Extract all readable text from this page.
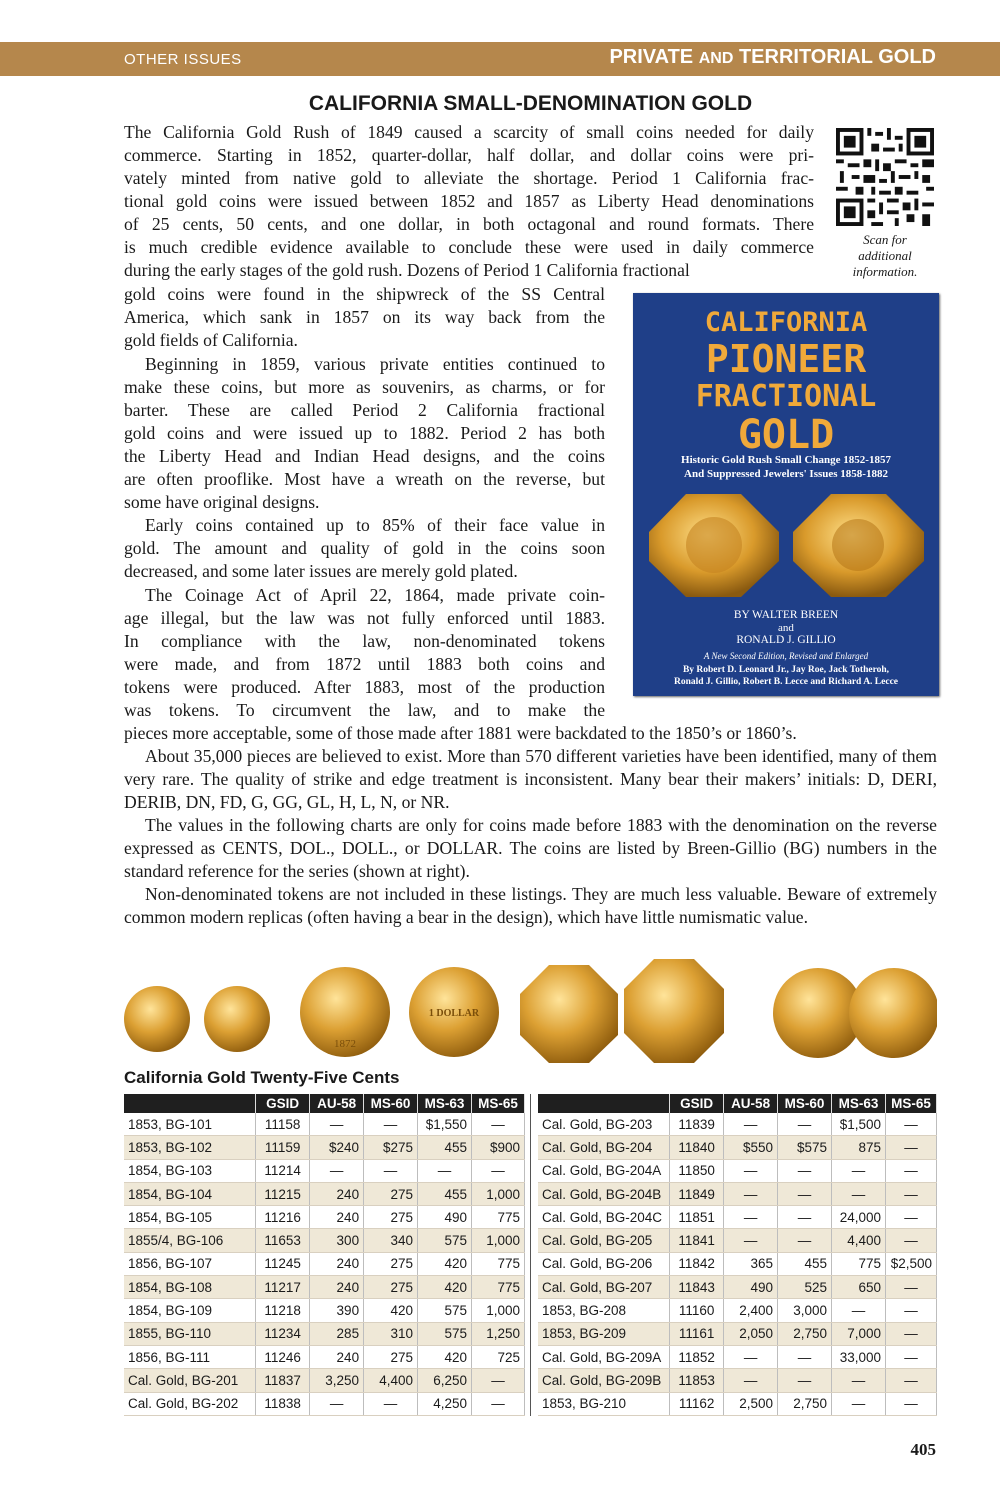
OTHER ISSUES	PRIVATE AND TERRITORIAL GOLD
CALIFORNIA SMALL-DENOMINATION GOLD
The California Gold Rush of 1849 caused a scarcity of small coins needed for daily
commerce. Starting in 1852, quarter-dollar, half dollar, and dollar coins were pri-
vately minted from native gold to alleviate the shortage. Period 1 California frac-
tional gold coins were issued between 1852 and 1857 as Liberty Head denominations
of 25 cents, 50 cents, and one dollar, in both octagonal and round formats. There
is much credible evidence available to conclude these were used in daily commerce
during the early stages of the gold rush. Dozens of Period 1 California fractional
Scan for
additional
information.
CALIFORNIA
PIONEER
FRACTIONAL
GOLD
Historic Gold Rush Small Change 1852-1857
And Suppressed Jewelers' Issues 1858-1882
BY WALTER BREEN
and
RONALD J. GILLIO
A New Second Edition, Revised and Enlarged
By Robert D. Leonard Jr., Jay Roe, Jack Totheroh,
Ronald J. Gillio, Robert B. Lecce and Richard A. Lecce
gold coins were found in the shipwreck of the SS Central
America, which sank in 1857 on its way back from the
gold fields of California.
Beginning in 1859, various private entities continued to
make these coins, but more as souvenirs, as charms, or for
barter. These are called Period 2 California fractional
gold coins and were issued up to 1882. Period 2 has both
the Liberty Head and Indian Head designs, and the coins
are often prooflike. Most have a wreath on the reverse, but
some have original designs.
Early coins contained up to 85% of their face value in
gold. The amount and quality of gold in the coins soon
decreased, and some later issues are merely gold plated.
The Coinage Act of April 22, 1864, made private coin-
age illegal, but the law was not fully enforced until 1883.
In compliance with the law, non-denominated tokens
were made, and from 1872 until 1883 both coins and
tokens were produced. After 1883, most of the production
was tokens. To circumvent the law, and to make the
pieces more acceptable, some of those made after 1881 were backdated to the 1850’s or 1860’s.
About 35,000 pieces are believed to exist. More than 570 different varieties have been identified, many of them very rare. The quality of strike and edge treatment is inconsistent. Many bear their makers’ initials: D, DERI, DERIB, DN, FD, G, GG, GL, H, L, N, or NR.
The values in the following charts are only for coins made before 1883 with the denomination on the reverse expressed as CENTS, DOL., DOLL., or DOLLAR. The coins are listed by Breen-Gillio (BG) numbers in the standard reference for the series (shown at right).
Non-denominated tokens are not included in these listings. They are much less valuable. Beware of extremely common modern replicas (often having a bear in the design), which have little numismatic value.
1872
1 DOLLAR
California Gold Twenty-Five Cents
	GSID	AU-58	MS-60	MS-63	MS-65
1853, BG-101	11158	—	—	$1,550	—
1853, BG-102	11159	$240	$275	455	$900
1854, BG-103	11214	—	—	—	—
1854, BG-104	11215	240	275	455	1,000
1854, BG-105	11216	240	275	490	775
1855/4, BG-106	11653	300	340	575	1,000
1856, BG-107	11245	240	275	420	775
1854, BG-108	11217	240	275	420	775
1854, BG-109	11218	390	420	575	1,000
1855, BG-110	11234	285	310	575	1,250
1856, BG-111	11246	240	275	420	725
Cal. Gold, BG-201	11837	3,250	4,400	6,250	—
Cal. Gold, BG-202	11838	—	—	4,250	—
	GSID	AU-58	MS-60	MS-63	MS-65
Cal. Gold, BG-203	11839	—	—	$1,500	—
Cal. Gold, BG-204	11840	$550	$575	875	—
Cal. Gold, BG-204A	11850	—	—	—	—
Cal. Gold, BG-204B	11849	—	—	—	—
Cal. Gold, BG-204C	11851	—	—	24,000	—
Cal. Gold, BG-205	11841	—	—	4,400	—
Cal. Gold, BG-206	11842	365	455	775	$2,500
Cal. Gold, BG-207	11843	490	525	650	—
1853, BG-208	11160	2,400	3,000	—	—
1853, BG-209	11161	2,050	2,750	7,000	—
Cal. Gold, BG-209A	11852	—	—	33,000	—
Cal. Gold, BG-209B	11853	—	—	—	—
1853, BG-210	11162	2,500	2,750	—	—
405
